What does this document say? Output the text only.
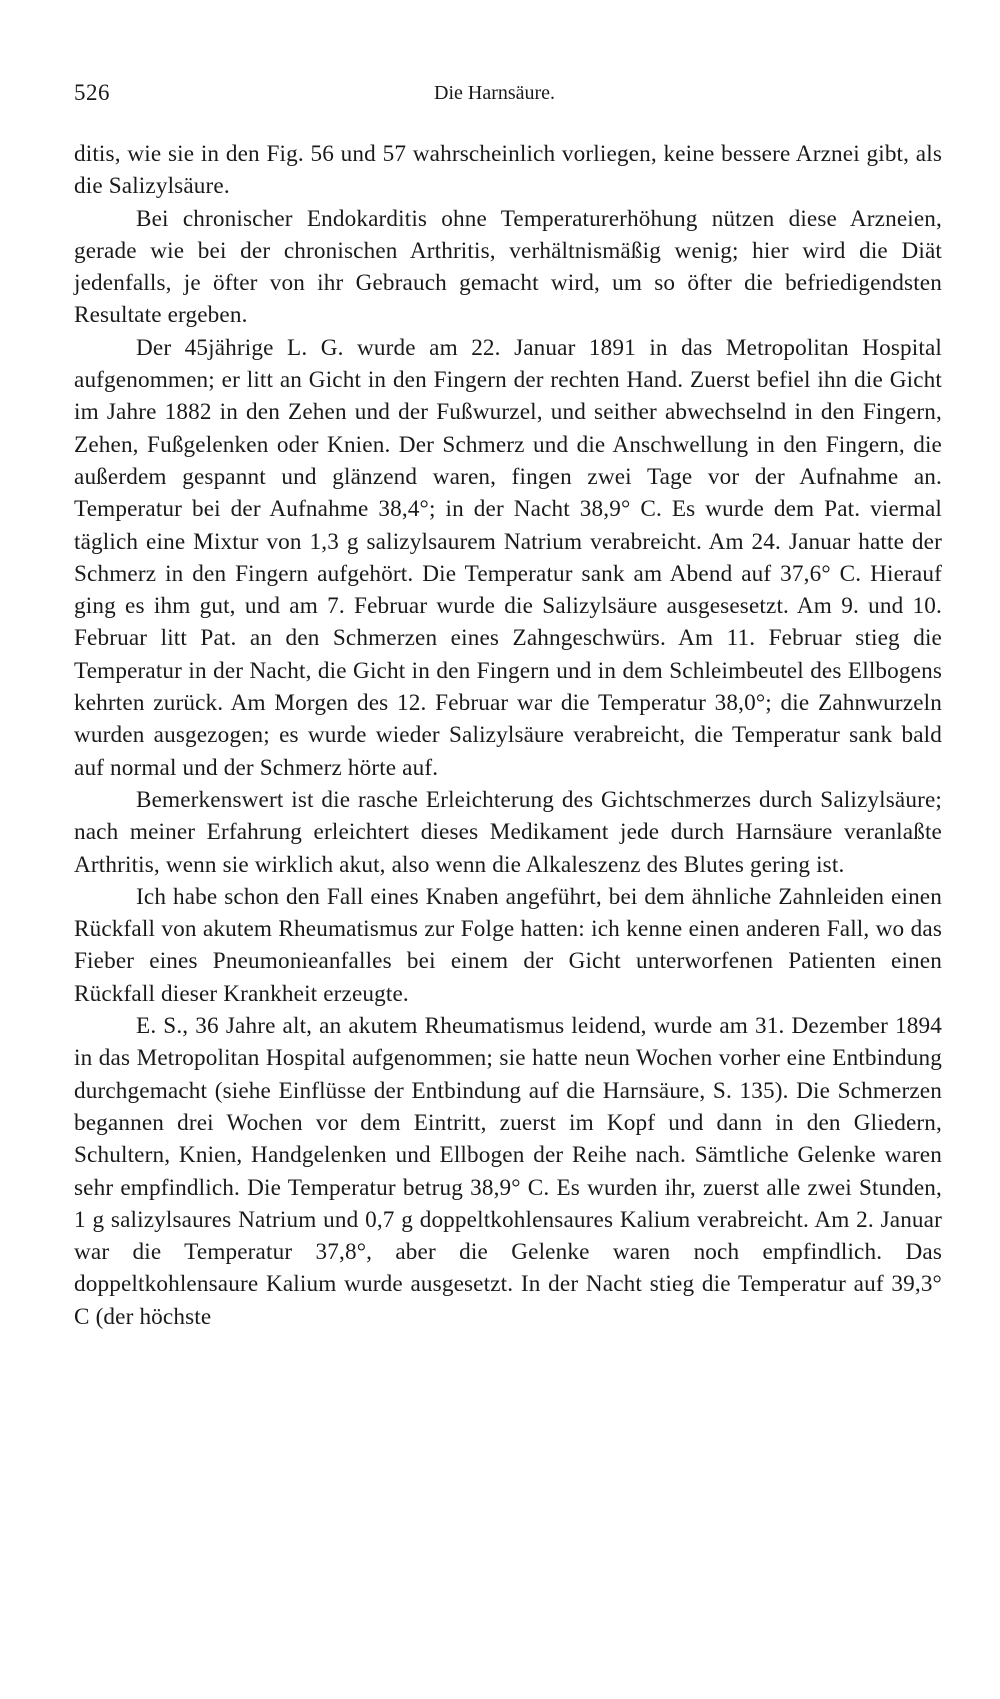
526	Die Harnsäure.

ditis, wie sie in den Fig. 56 und 57 wahrscheinlich vorliegen, keine bessere Arznei gibt, als die Salizylsäure.

Bei chronischer Endokarditis ohne Temperaturerhöhung nützen diese Arzneien, gerade wie bei der chronischen Arthritis, verhältnismäßig wenig; hier wird die Diät jedenfalls, je öfter von ihr Gebrauch gemacht wird, um so öfter die befriedigendsten Resultate ergeben.

Der 45jährige L. G. wurde am 22. Januar 1891 in das Metropolitan Hospital aufgenommen; er litt an Gicht in den Fingern der rechten Hand. Zuerst befiel ihn die Gicht im Jahre 1882 in den Zehen und der Fußwurzel, und seither abwechselnd in den Fingern, Zehen, Fußgelenken oder Knien. Der Schmerz und die Anschwellung in den Fingern, die außerdem gespannt und glänzend waren, fingen zwei Tage vor der Aufnahme an. Temperatur bei der Aufnahme 38,4°; in der Nacht 38,9° C. Es wurde dem Pat. viermal täglich eine Mixtur von 1,3 g salizylsaurem Natrium verabreicht. Am 24. Januar hatte der Schmerz in den Fingern aufgehört. Die Temperatur sank am Abend auf 37,6° C. Hierauf ging es ihm gut, und am 7. Februar wurde die Salizylsäure ausgesesetzt. Am 9. und 10. Februar litt Pat. an den Schmerzen eines Zahngeschwürs. Am 11. Februar stieg die Temperatur in der Nacht, die Gicht in den Fingern und in dem Schleimbeutel des Ellbogens kehrten zurück. Am Morgen des 12. Februar war die Temperatur 38,0°; die Zahnwurzeln wurden ausgezogen; es wurde wieder Salizylsäure verabreicht, die Temperatur sank bald auf normal und der Schmerz hörte auf.

Bemerkenswert ist die rasche Erleichterung des Gichtschmerzes durch Salizylsäure; nach meiner Erfahrung erleichtert dieses Medikament jede durch Harnsäure veranlaßte Arthritis, wenn sie wirklich akut, also wenn die Alkaleszenz des Blutes gering ist.

Ich habe schon den Fall eines Knaben angeführt, bei dem ähnliche Zahnleiden einen Rückfall von akutem Rheumatismus zur Folge hatten: ich kenne einen anderen Fall, wo das Fieber eines Pneumonieanfalles bei einem der Gicht unterworfenen Patienten einen Rückfall dieser Krankheit erzeugte.

E. S., 36 Jahre alt, an akutem Rheumatismus leidend, wurde am 31. Dezember 1894 in das Metropolitan Hospital aufgenommen; sie hatte neun Wochen vorher eine Entbindung durchgemacht (siehe Einflüsse der Entbindung auf die Harnsäure, S. 135). Die Schmerzen begannen drei Wochen vor dem Eintritt, zuerst im Kopf und dann in den Gliedern, Schultern, Knien, Handgelenken und Ellbogen der Reihe nach. Sämtliche Gelenke waren sehr empfindlich. Die Temperatur betrug 38,9° C. Es wurden ihr, zuerst alle zwei Stunden, 1 g salizylsaures Natrium und 0,7 g doppeltkohlensaures Kalium verabreicht. Am 2. Januar war die Temperatur 37,8°, aber die Gelenke waren noch empfindlich. Das doppeltkohlensaure Kalium wurde ausgesetzt. In der Nacht stieg die Temperatur auf 39,3° C (der höchste
